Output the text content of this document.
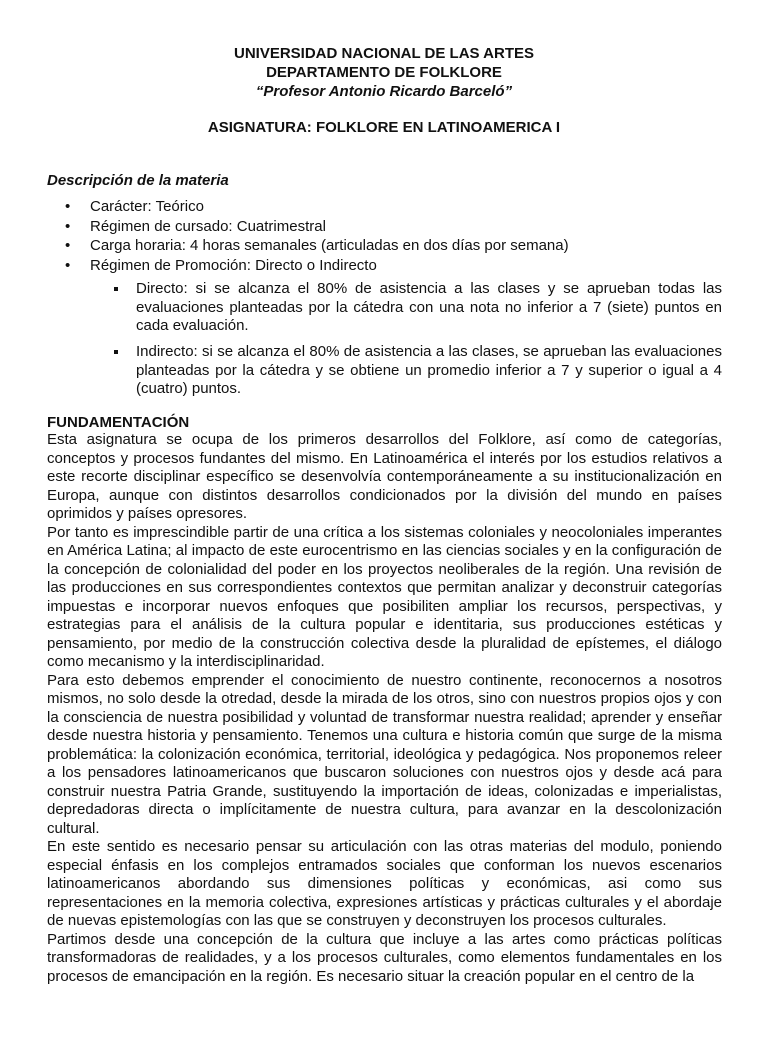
UNIVERSIDAD NACIONAL DE LAS ARTES
DEPARTAMENTO DE FOLKLORE
“Profesor Antonio Ricardo Barceló”
ASIGNATURA: FOLKLORE EN LATINOAMERICA I
Descripción de la materia
• Carácter: Teórico
• Régimen de cursado: Cuatrimestral
• Carga horaria: 4 horas semanales (articuladas en dos días por semana)
• Régimen de Promoción: Directo o Indirecto
Directo: si se alcanza el 80% de asistencia a las clases y se aprueban todas las evaluaciones planteadas por la cátedra con una nota no inferior a 7 (siete) puntos en cada evaluación.
Indirecto: si se alcanza el 80% de asistencia a las clases, se aprueban las evaluaciones planteadas por la cátedra y se obtiene un promedio inferior a 7 y superior o igual a 4 (cuatro) puntos.
FUNDAMENTACIÓN

Esta asignatura se ocupa de los primeros desarrollos del Folklore, así como de categorías, conceptos y procesos fundantes del mismo. En Latinoamérica el interés por los estudios relativos a este recorte disciplinar específico se desenvolvía contemporáneamente a su institucionalización en Europa, aunque con distintos desarrollos condicionados por la división del mundo en países oprimidos y países opresores.

Por tanto es imprescindible partir de una crítica a los sistemas coloniales y neocoloniales imperantes en América Latina; al impacto de este eurocentrismo en las ciencias sociales y en la configuración de la concepción de colonialidad del poder en los proyectos neoliberales de la región. Una revisión de las producciones en sus correspondientes contextos que permitan analizar y deconstruir categorías impuestas e incorporar nuevos enfoques que posibiliten ampliar los recursos, perspectivas, y estrategias para el análisis de la cultura popular e identitaria, sus producciones estéticas y pensamiento, por medio de la construcción colectiva desde la pluralidad de epístemes, el diálogo como mecanismo y la interdisciplinaridad.

Para esto debemos emprender el conocimiento de nuestro continente, reconocernos a nosotros mismos, no solo desde la otredad, desde la mirada de los otros, sino con nuestros propios ojos y con la consciencia de nuestra posibilidad y voluntad de transformar nuestra realidad; aprender y enseñar desde nuestra historia y pensamiento. Tenemos una cultura e historia común que surge de la misma problemática: la colonización económica, territorial, ideológica y pedagógica. Nos proponemos releer a los pensadores latinoamericanos que buscaron soluciones con nuestros ojos y desde acá para construir nuestra Patria Grande, sustituyendo la importación de ideas, colonizadas e imperialistas, depredadoras directa o implícitamente de nuestra cultura, para avanzar en la descolonización cultural.

En este sentido es necesario pensar su articulación con las otras materias del modulo, poniendo especial énfasis en los complejos entramados sociales que conforman los nuevos escenarios latinoamericanos abordando sus dimensiones políticas y económicas, asi como sus representaciones en la memoria colectiva, expresiones artísticas y prácticas culturales y el abordaje de nuevas epistemologías con las que se construyen y deconstruyen los procesos culturales.

Partimos desde una concepción de la cultura que incluye a las artes como prácticas políticas transformadoras de realidades, y a los procesos culturales, como elementos fundamentales en los procesos de emancipación en la región. Es necesario situar la creación popular en el centro de la
